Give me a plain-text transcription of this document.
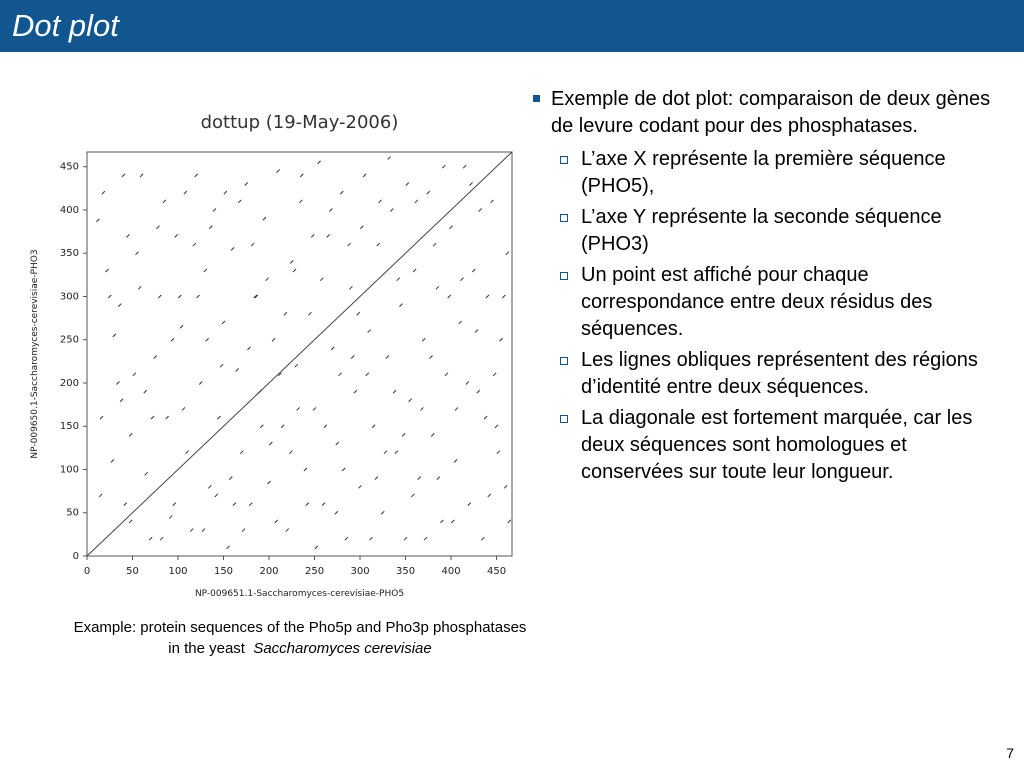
Dot plot
dottup (19-May-2006)
0	50	100	150	200	250	300	350	400	450
0
50
100
150
200
250
300
350
400
450
NP-009651.1-Saccharomyces-cerevisiae-PHO5
NP-009650.1-Saccharomyces-cerevisiae-PHO3
Example: protein sequences of the Pho5p and Pho3p phosphatases
in the yeast Saccharomyces cerevisiae
Exemple de dot plot: comparaison de deux gènes de levure codant pour des phosphatases.
L’axe X représente la première séquence (PHO5),
L’axe Y représente la seconde séquence (PHO3)
Un point est affiché pour chaque correspondance entre deux résidus des séquences.
Les lignes obliques représentent des régions d’identité entre deux séquences.
La diagonale est fortement marquée, car les deux séquences sont homologues et conservées sur toute leur longueur.
7
